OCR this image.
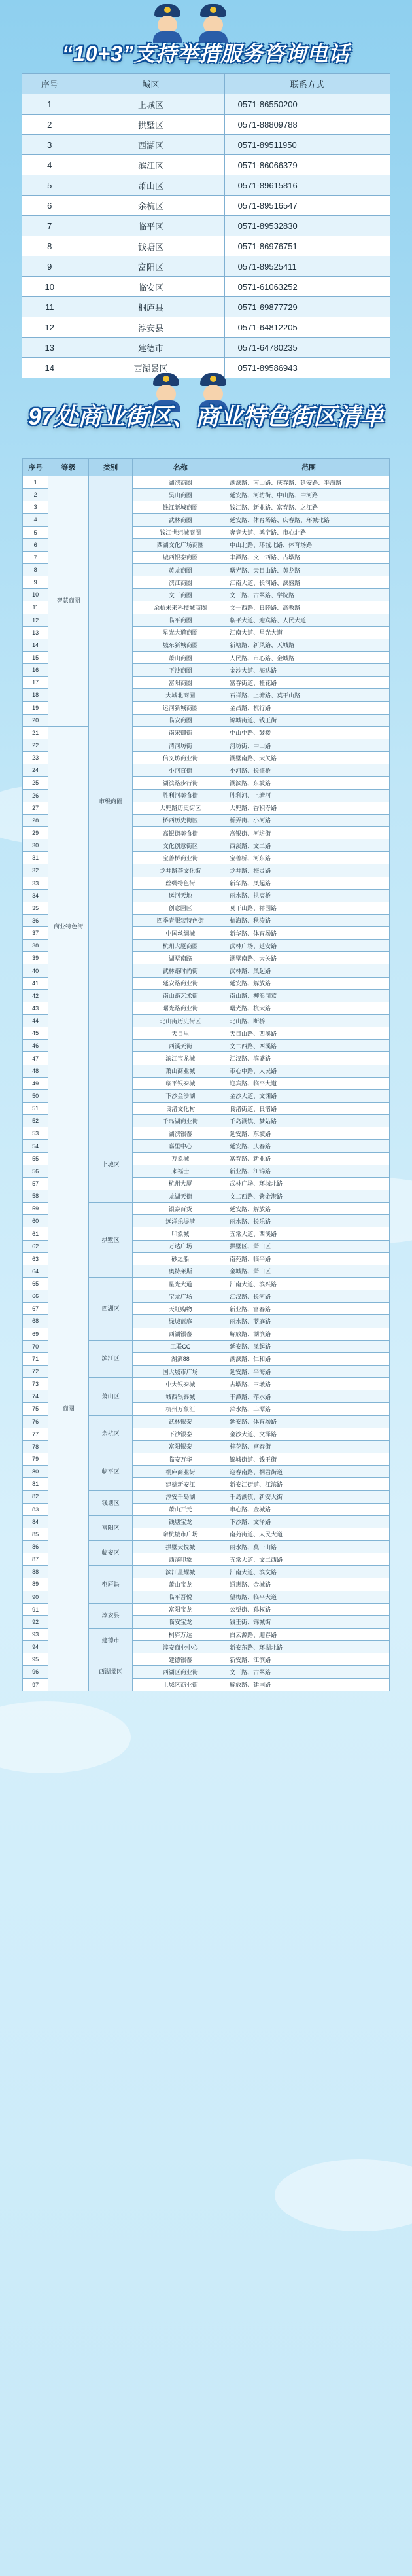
“10+3”支持举措服务咨询电话
序号	城区	联系方式
1	上城区	0571-86550200
2	拱墅区	0571-88809788
3	西湖区	0571-89511950
4	滨江区	0571-86066379
5	萧山区	0571-89615816
6	余杭区	0571-89516547
7	临平区	0571-89532830
8	钱塘区	0571-86976751
9	富阳区	0571-89525411
10	临安区	0571-61063252
11	桐庐县	0571-69877729
12	淳安县	0571-64812205
13	建德市	0571-64780235
14	西湖景区	0571-89586943
97处商业街区、商业特色街区清单
序号	等级	类别	名称	范围
1	智慧商圈	市级商圈	湖滨商圈	湖滨路、南山路、庆春路、延安路、平海路
2			吴山商圈	延安路、河坊街、中山路、中河路
3			钱江新城商圈	钱江路、新业路、富春路、之江路
4			武林商圈	延安路、体育场路、庆春路、环城北路
5			钱江世纪城商圈	奔竞大道、鸿宁路、市心北路
6			西湖文化广场商圈	中山北路、环城北路、体育场路
7			城西银泰商圈	丰潭路、文一西路、古墩路
8			黄龙商圈	曙光路、天目山路、黄龙路
9			滨江商圈	江南大道、长河路、滨盛路
10			文三商圈	文三路、古翠路、学院路
11			余杭未来科技城商圈	文一西路、良睦路、高教路
12			临平商圈	临平大道、迎宾路、人民大道
13			星光大道商圈	江南大道、星光大道
14			城东新城商圈	新塘路、新风路、天城路
15			萧山商圈	人民路、市心路、金城路
16			下沙商圈	金沙大道、海达路
17			富阳商圈	富春街道、桂花路
18			大城北商圈	石祥路、上塘路、莫干山路
19			运河新城商圈	金昌路、杭行路
20			临安商圈	锦城街道、钱王街
21	商业特色街		南宋御街	中山中路、鼓楼
22			清河坊街	河坊街、中山路
23			信义坊商业街	湖墅南路、大关路
24			小河直街	小河路、长征桥
25			湖滨路步行街	湖滨路、东坡路
26			胜利河美食街	胜利河、上塘河
27			大兜路历史街区	大兜路、香积寺路
28			桥西历史街区	桥弄街、小河路
29			高银街美食街	高银街、河坊街
30			文化创意街区	西溪路、文二路
31			宝善桥商业街	宝善桥、河东路
32			龙井路茶文化街	龙井路、梅灵路
33			丝绸特色街	新华路、凤起路
34			运河天地	丽水路、拱宸桥
35			创意园区	莫干山路、祥园路
36			四季青服装特色街	杭海路、秋涛路
37			中国丝绸城	新华路、体育场路
38			杭州大厦商圈	武林广场、延安路
39			湖墅南路	湖墅南路、大关路
40			武林路时尚街	武林路、凤起路
41			延安路商业街	延安路、解放路
42			南山路艺术街	南山路、柳浪闻莺
43			曙光路商业街	曙光路、杭大路
44			北山街历史街区	北山路、断桥
45			天目里	天目山路、西溪路
46			西溪天街	文二西路、西溪路
47			滨江宝龙城	江汉路、滨盛路
48			萧山商业城	市心中路、人民路
49			临平银泰城	迎宾路、临平大道
50			下沙金沙湖	金沙大道、文渊路
51			良渚文化村	良渚街道、良渚路
52			千岛湖商业街	千岛湖镇、梦姑路
53	商圈	上城区	湖滨银泰	延安路、东坡路
54			嘉里中心	延安路、庆春路
55			万象城	富春路、新业路
56			来福士	新业路、江锦路
57			杭州大厦	武林广场、环城北路
58			龙湖天街	文二西路、紫金港路
59		拱墅区	银泰百货	延安路、解放路
60			远洋乐堤港	丽水路、长乐路
61			印象城	五常大道、西溪路
62			万达广场	拱墅区、萧山区
63			砂之船	南苑路、临平路
64			奥特莱斯	金城路、萧山区
65		西湖区	星光大道	江南大道、滨兴路
66			宝龙广场	江汉路、长河路
67			天虹购物	新业路、富春路
68			绿城蓝庭	丽水路、蓝庭路
69			西湖银泰	解放路、湖滨路
70		滨江区	工联CC	延安路、凤起路
71			湖滨88	湖滨路、仁和路
72			国大城市广场	延安路、平海路
73		萧山区	中大银泰城	古墩路、三墩路
74			城西银泰城	丰潭路、萍水路
75			杭州万象汇	萍水路、丰潭路
76		余杭区	武林银泰	延安路、体育场路
77			下沙银泰	金沙大道、文泽路
78			富阳银泰	桂花路、富春街
79		临平区	临安万华	锦城街道、钱王街
80			桐庐商业街	迎春南路、桐君街道
81			建德新安江	新安江街道、江滨路
82		钱塘区	淳安千岛湖	千岛湖镇、新安大街
83			萧山开元	市心路、金城路
84		富阳区	钱塘宝龙	下沙路、文泽路
85			余杭城市广场	南苑街道、人民大道
86		临安区	拱墅大悦城	丽水路、莫干山路
87			西溪印象	五常大道、文二西路
88		桐庐县	滨江星耀城	江南大道、滨文路
89			萧山宝龙	通惠路、金城路
90			临平吾悦	望梅路、临平大道
91		淳安县	富阳宝龙	公望街、孙权路
92			临安宝龙	钱王街、锦城街
93		建德市	桐庐万达	白云源路、迎春路
94			淳安商业中心	新安东路、环湖北路
95		西湖景区	建德银泰	新安路、江滨路
96			西湖区商业街	文三路、古翠路
97			上城区商业街	解放路、建国路
